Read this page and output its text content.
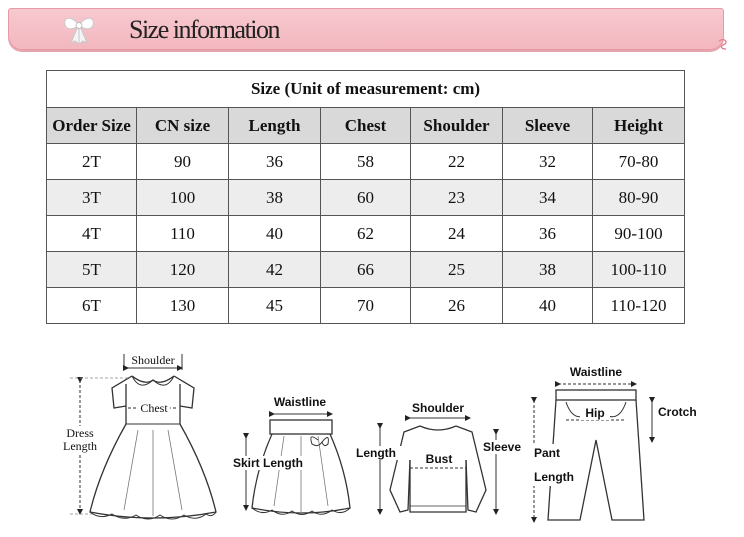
Size information
Size (Unit of measurement: cm)						
Order Size	CN size	Length	Chest	Shoulder	Sleeve	Height
2T	90	36	58	22	32	70-80
3T	100	38	60	23	34	80-90
4T	110	40	62	24	36	90-100
5T	120	42	66	25	38	100-110
6T	130	45	70	26	40	110-120
Shoulder
Chest
Dress
Length
Waistline
Skirt Length
Shoulder
Bust
Length	Sleeve
Waistline
Hip	Crotch
Pant
Length
